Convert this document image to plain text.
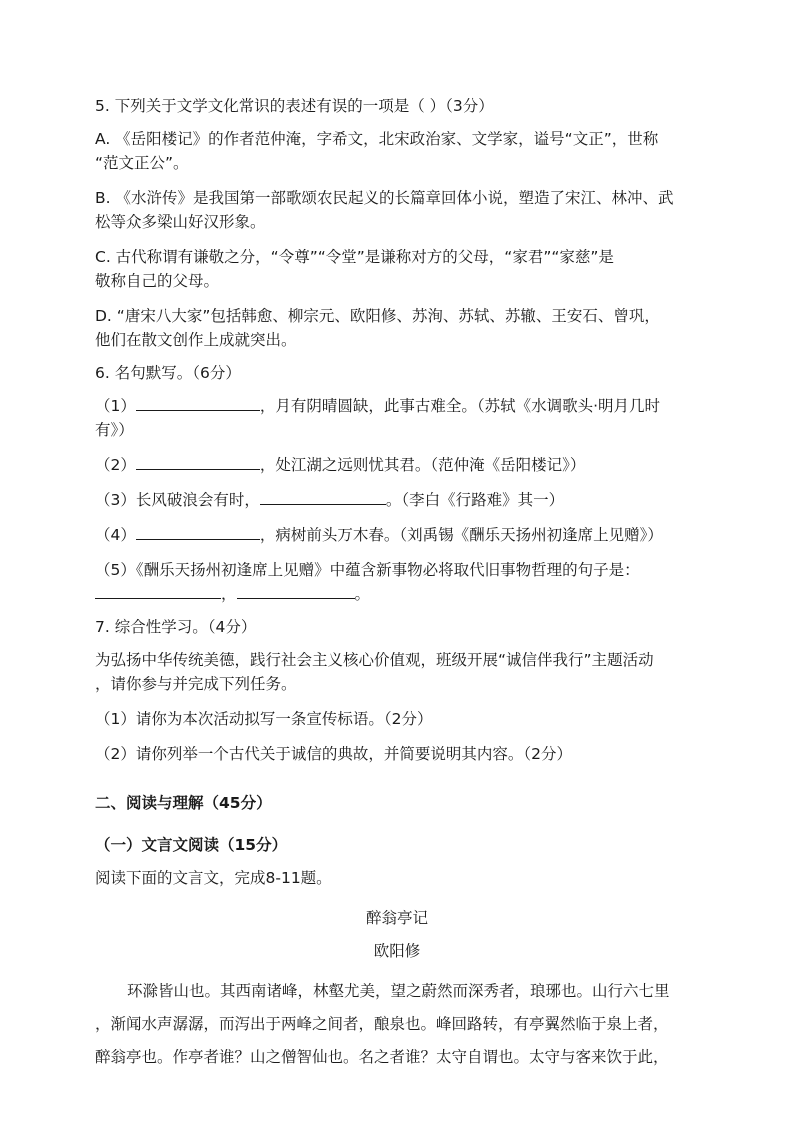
5. 下列关于文学文化常识的表述有误的一项是（ ）（3分）
A. 《岳阳楼记》的作者范仲淹，字希文，北宋政治家、文学家，谥号“文正”，世称
“范文正公”。
B. 《水浒传》是我国第一部歌颂农民起义的长篇章回体小说，塑造了宋江、林冲、武
松等众多梁山好汉形象。
C. 古代称谓有谦敬之分，“令尊”“令堂”是谦称对方的父母，“家君”“家慈”是
敬称自己的父母。
D. “唐宋八大家”包括韩愈、柳宗元、欧阳修、苏洵、苏轼、苏辙、王安石、曾巩，
他们在散文创作上成就突出。
6. 名句默写。（6分）
（1）	，月有阴晴圆缺，此事古难全。（苏轼《水调歌头·明月几时
有》）
（2）	，处江湖之远则忧其君。（范仲淹《岳阳楼记》）
（3）长风破浪会有时，	。（李白《行路难》其一）
（4）	，病树前头万木春。（刘禹锡《酬乐天扬州初逢席上见赠》）
（5）《酬乐天扬州初逢席上见赠》中蕴含新事物必将取代旧事物哲理的句子是：
，	。
7. 综合性学习。（4分）
为弘扬中华传统美德，践行社会主义核心价值观，班级开展“诚信伴我行”主题活动
，请你参与并完成下列任务。
（1）请你为本次活动拟写一条宣传标语。（2分）
（2）请你列举一个古代关于诚信的典故，并简要说明其内容。（2分）
二、阅读与理解（45分）
（一）文言文阅读（15分）
阅读下面的文言文，完成8-11题。
醉翁亭记
欧阳修
环滁皆山也。其西南诸峰，林壑尤美，望之蔚然而深秀者，琅琊也。山行六七里
，渐闻水声潺潺，而泻出于两峰之间者，酿泉也。峰回路转，有亭翼然临于泉上者，
醉翁亭也。作亭者谁？山之僧智仙也。名之者谁？太守自谓也。太守与客来饮于此，
